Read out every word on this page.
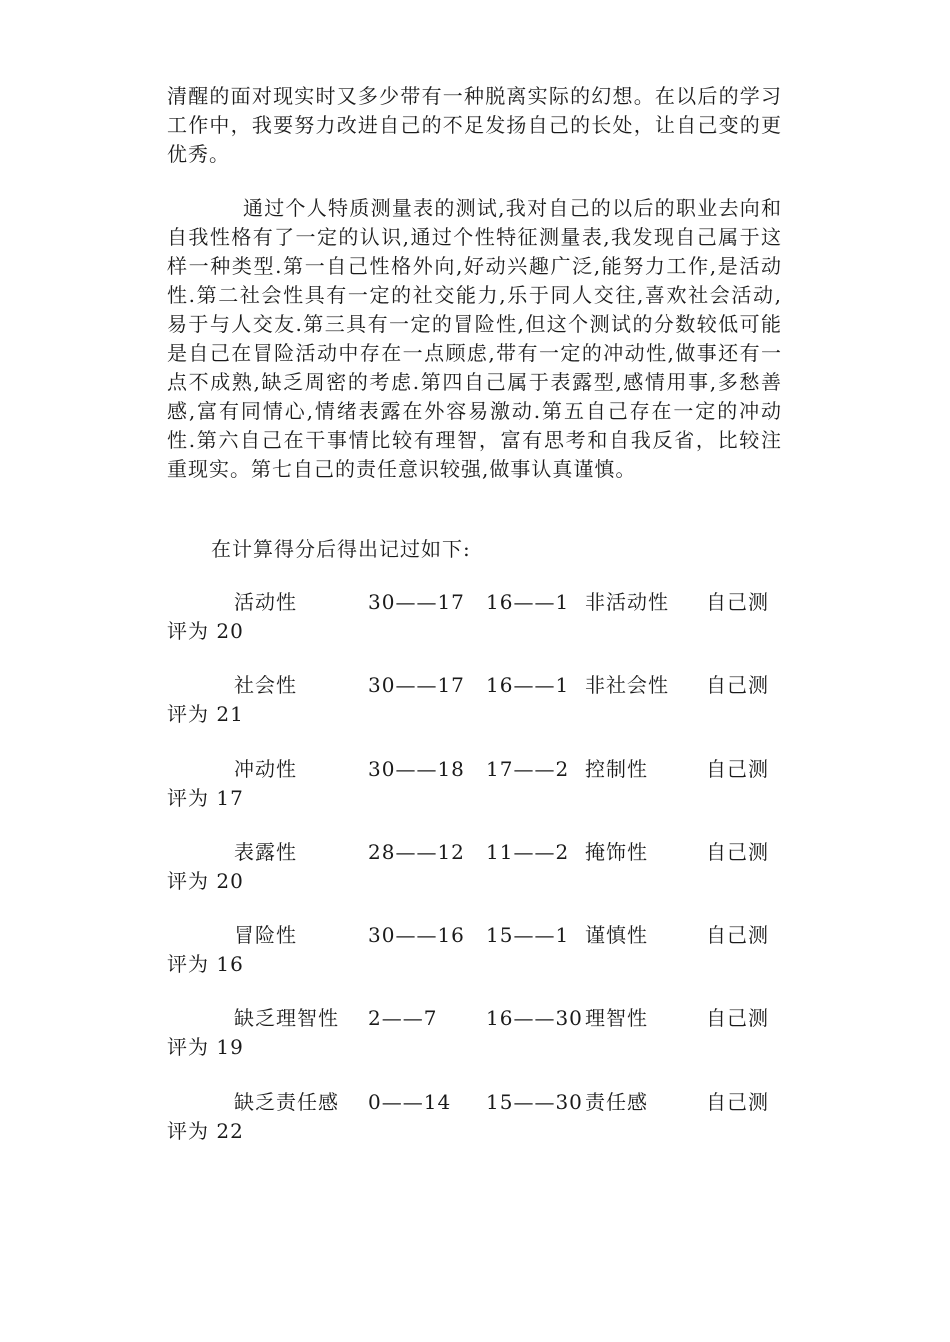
清醒的面对现实时又多少带有一种脱离实际的幻想。在以后的学习工作中，我要努力改进自己的不足发扬自己的长处，让自己变的更优秀。

通过个人特质测量表的测试,我对自己的以后的职业去向和自我性格有了一定的认识,通过个性特征测量表,我发现自己属于这样一种类型.第一自己性格外向,好动兴趣广泛,能努力工作,是活动性.第二社会性具有一定的社交能力,乐于同人交往,喜欢社会活动,易于与人交友.第三具有一定的冒险性,但这个测试的分数较低可能是自己在冒险活动中存在一点顾虑,带有一定的冲动性,做事还有一点不成熟,缺乏周密的考虑.第四自己属于表露型,感情用事,多愁善感,富有同情心,情绪表露在外容易激动.第五自己存在一定的冲动性.第六自己在干事情比较有理智，富有思考和自我反省，比较注重现实。第七自己的责任意识较强,做事认真谨慎。

在计算得分后得出记过如下:

活动性	30——17 16——1 非活动性 自己测
评为 20
社会性	30——17 16——1 非社会性 自己测
评为 21
冲动性	30——18 17——2 控制性	自己测
评为 17
表露性	28——12 11——2 掩饰性	自己测
评为 20
冒险性	30——16 15——1 谨慎性	自己测
评为 16
缺乏理智性 2——7 16——30 理智性	自己测
评为 19
缺乏责任感 0——14 15——30 责任感	自己测
评为 22
